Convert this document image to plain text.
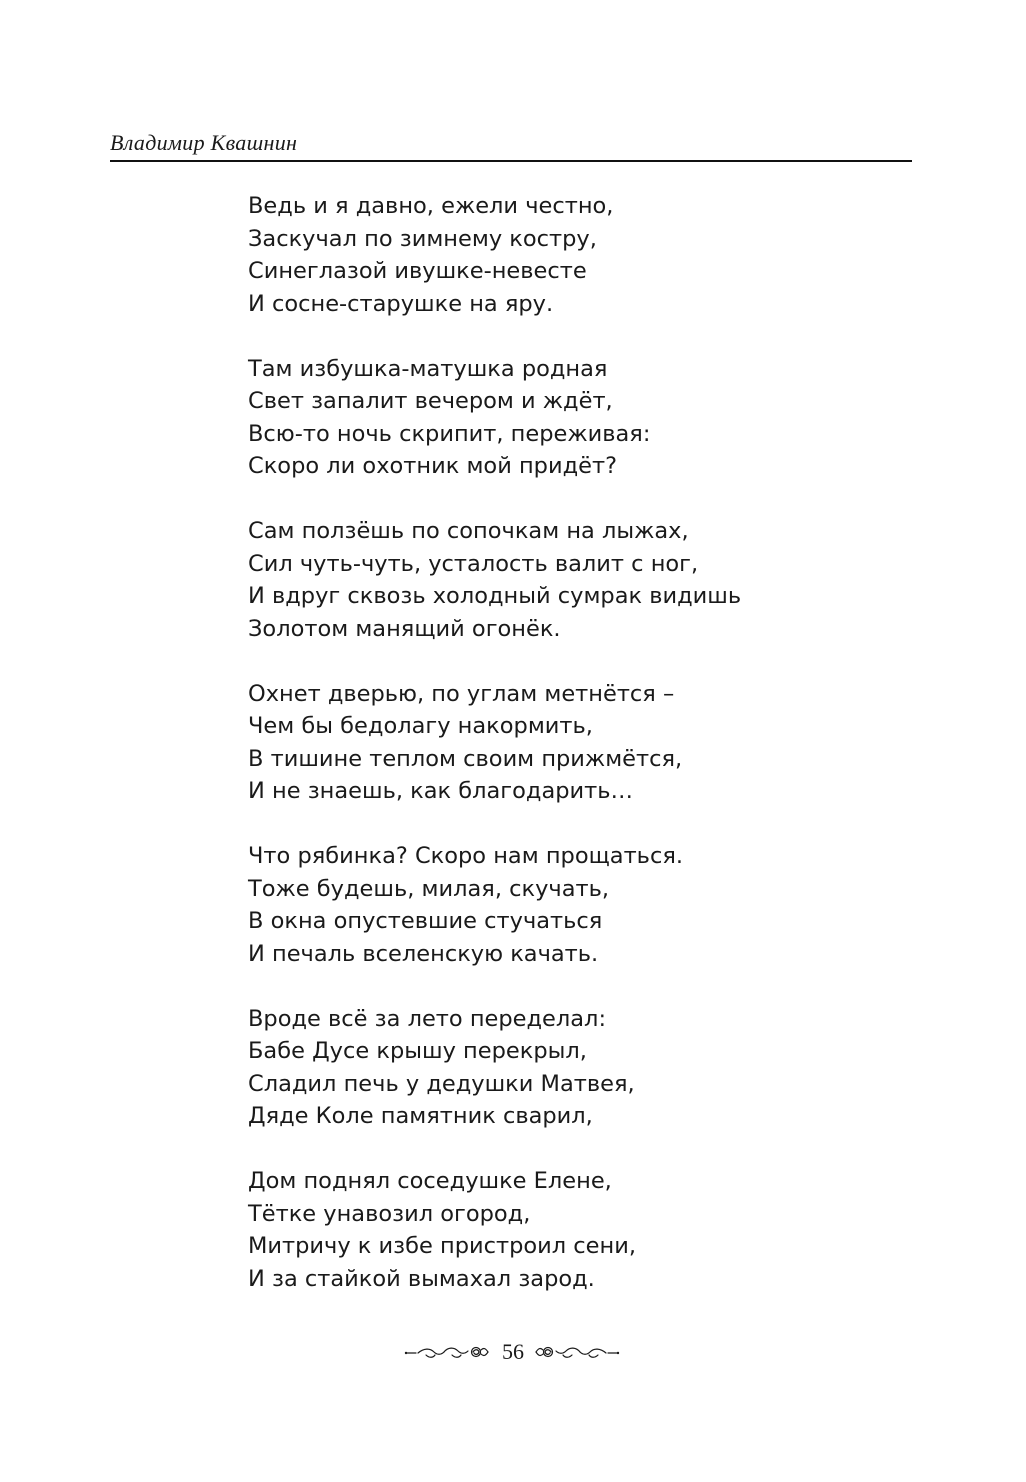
Владимир Квашнин
Ведь и я давно, ежели честно,
Заскучал по зимнему костру,
Синеглазой ивушке-невесте
И сосне-старушке на яру.
Там избушка-матушка родная
Свет запалит вечером и ждёт,
Всю-то ночь скрипит, переживая:
Скоро ли охотник мой придёт?
Сам ползёшь по сопочкам на лыжах,
Сил чуть-чуть, усталость валит с ног,
И вдруг сквозь холодный сумрак видишь
Золотом манящий огонёк.
Охнет дверью, по углам метнётся –
Чем бы бедолагу накормить,
В тишине теплом своим прижмётся,
И не знаешь, как благодарить…
Что рябинка? Скоро нам прощаться.
Тоже будешь, милая, скучать,
В окна опустевшие стучаться
И печаль вселенскую качать.
Вроде всё за лето переделал:
Бабе Дусе крышу перекрыл,
Сладил печь у дедушки Матвея,
Дяде Коле памятник сварил,
Дом поднял соседушке Елене,
Тётке унавозил огород,
Митричу к избе пристроил сени,
И за стайкой вымахал зарод.
56
